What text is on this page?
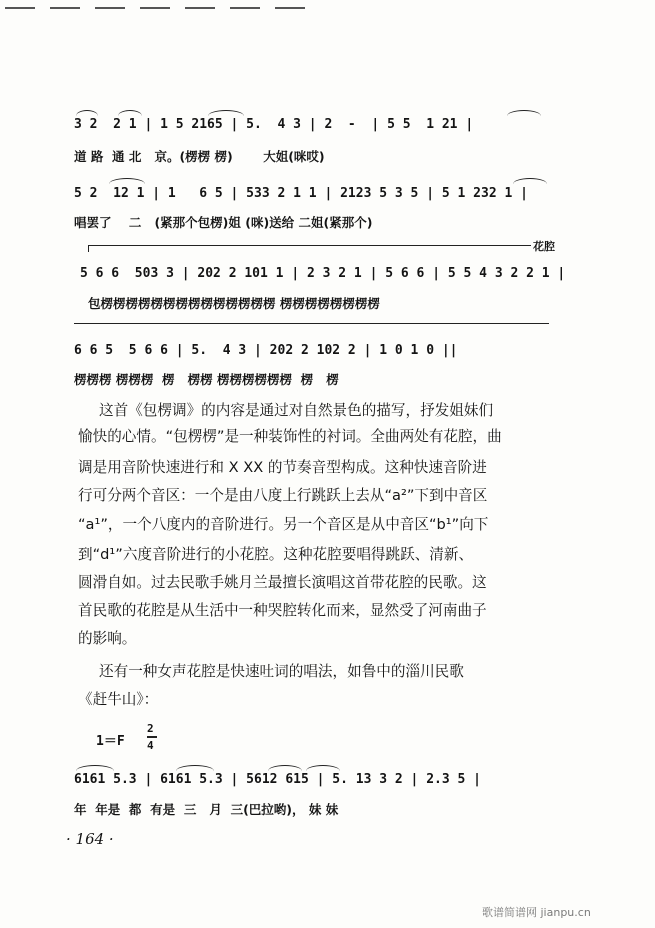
3 2  2 1 | 1 5 2165 | 5.  4 3 | 2  -  | 5 5  1 21 |
道 路  通 北   京。(楞楞 楞)       大姐(咪哎)
5 2  12 1 | 1   6 5 | 533 2 1 1 | 2123 5 3 5 | 5 1 232 1 |
唱罢了    二   (紧那个包楞)姐 (咪)送给 二姐(紧那个)
花腔
5 6 6  503 3 | 202 2 101 1 | 2 3 2 1 | 5 6 6 | 5 5 4 3 2 2 1 |
包楞楞楞楞楞楞楞楞楞楞楞楞楞楞 楞楞楞楞楞楞楞楞
6 6 5  5 6 6 | 5.  4 3 | 202 2 102 2 | 1 0 1 0 ||
楞楞楞 楞楞楞  楞   楞楞 楞楞楞楞楞楞  楞   楞
这首《包楞调》的内容是通过对自然景色的描写，抒发姐妹们
愉快的心情。“包楞楞”是一种装饰性的衬词。全曲两处有花腔，曲
调是用音阶快速进行和 X XX 的节奏音型构成。这种快速音阶进
行可分两个音区：一个是由八度上行跳跃上去从“a²”下到中音区
“a¹”，一个八度内的音阶进行。另一个音区是从中音区“b¹”向下
到“d¹”六度音阶进行的小花腔。这种花腔要唱得跳跃、清新、
圆滑自如。过去民歌手姚月兰最擅长演唱这首带花腔的民歌。这
首民歌的花腔是从生活中一种哭腔转化而来，显然受了河南曲子
的影响。
还有一种女声花腔是快速吐词的唱法，如鲁中的淄川民歌
《赶牛山》：
1＝F
2
4
6161 5.3 | 6161 5.3 | 5612 615 | 5. 13 3 2 | 2.3 5 |
年  年是  都  有是  三   月  三(巴拉哟)， 妹 妹
· 164 ·
歌谱简谱网 jianpu.cn
